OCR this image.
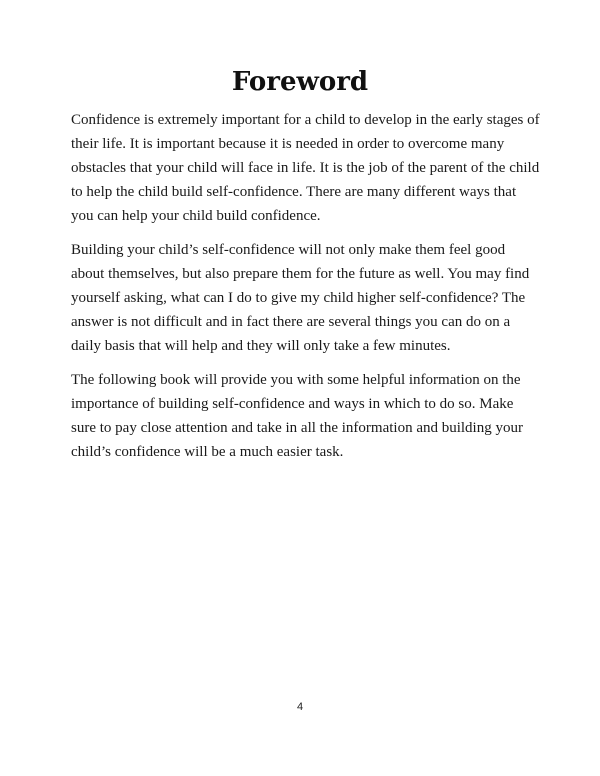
Foreword

Confidence is extremely important for a child to develop in the early stages of their life. It is important because it is needed in order to overcome many obstacles that your child will face in life. It is the job of the parent of the child to help the child build self-confidence. There are many different ways that you can help your child build confidence.

Building your child’s self-confidence will not only make them feel good about themselves, but also prepare them for the future as well. You may find yourself asking, what can I do to give my child higher self-confidence? The answer is not difficult and in fact there are several things you can do on a daily basis that will help and they will only take a few minutes.

The following book will provide you with some helpful information on the importance of building self-confidence and ways in which to do so. Make sure to pay close attention and take in all the information and building your child’s confidence will be a much easier task.

4
